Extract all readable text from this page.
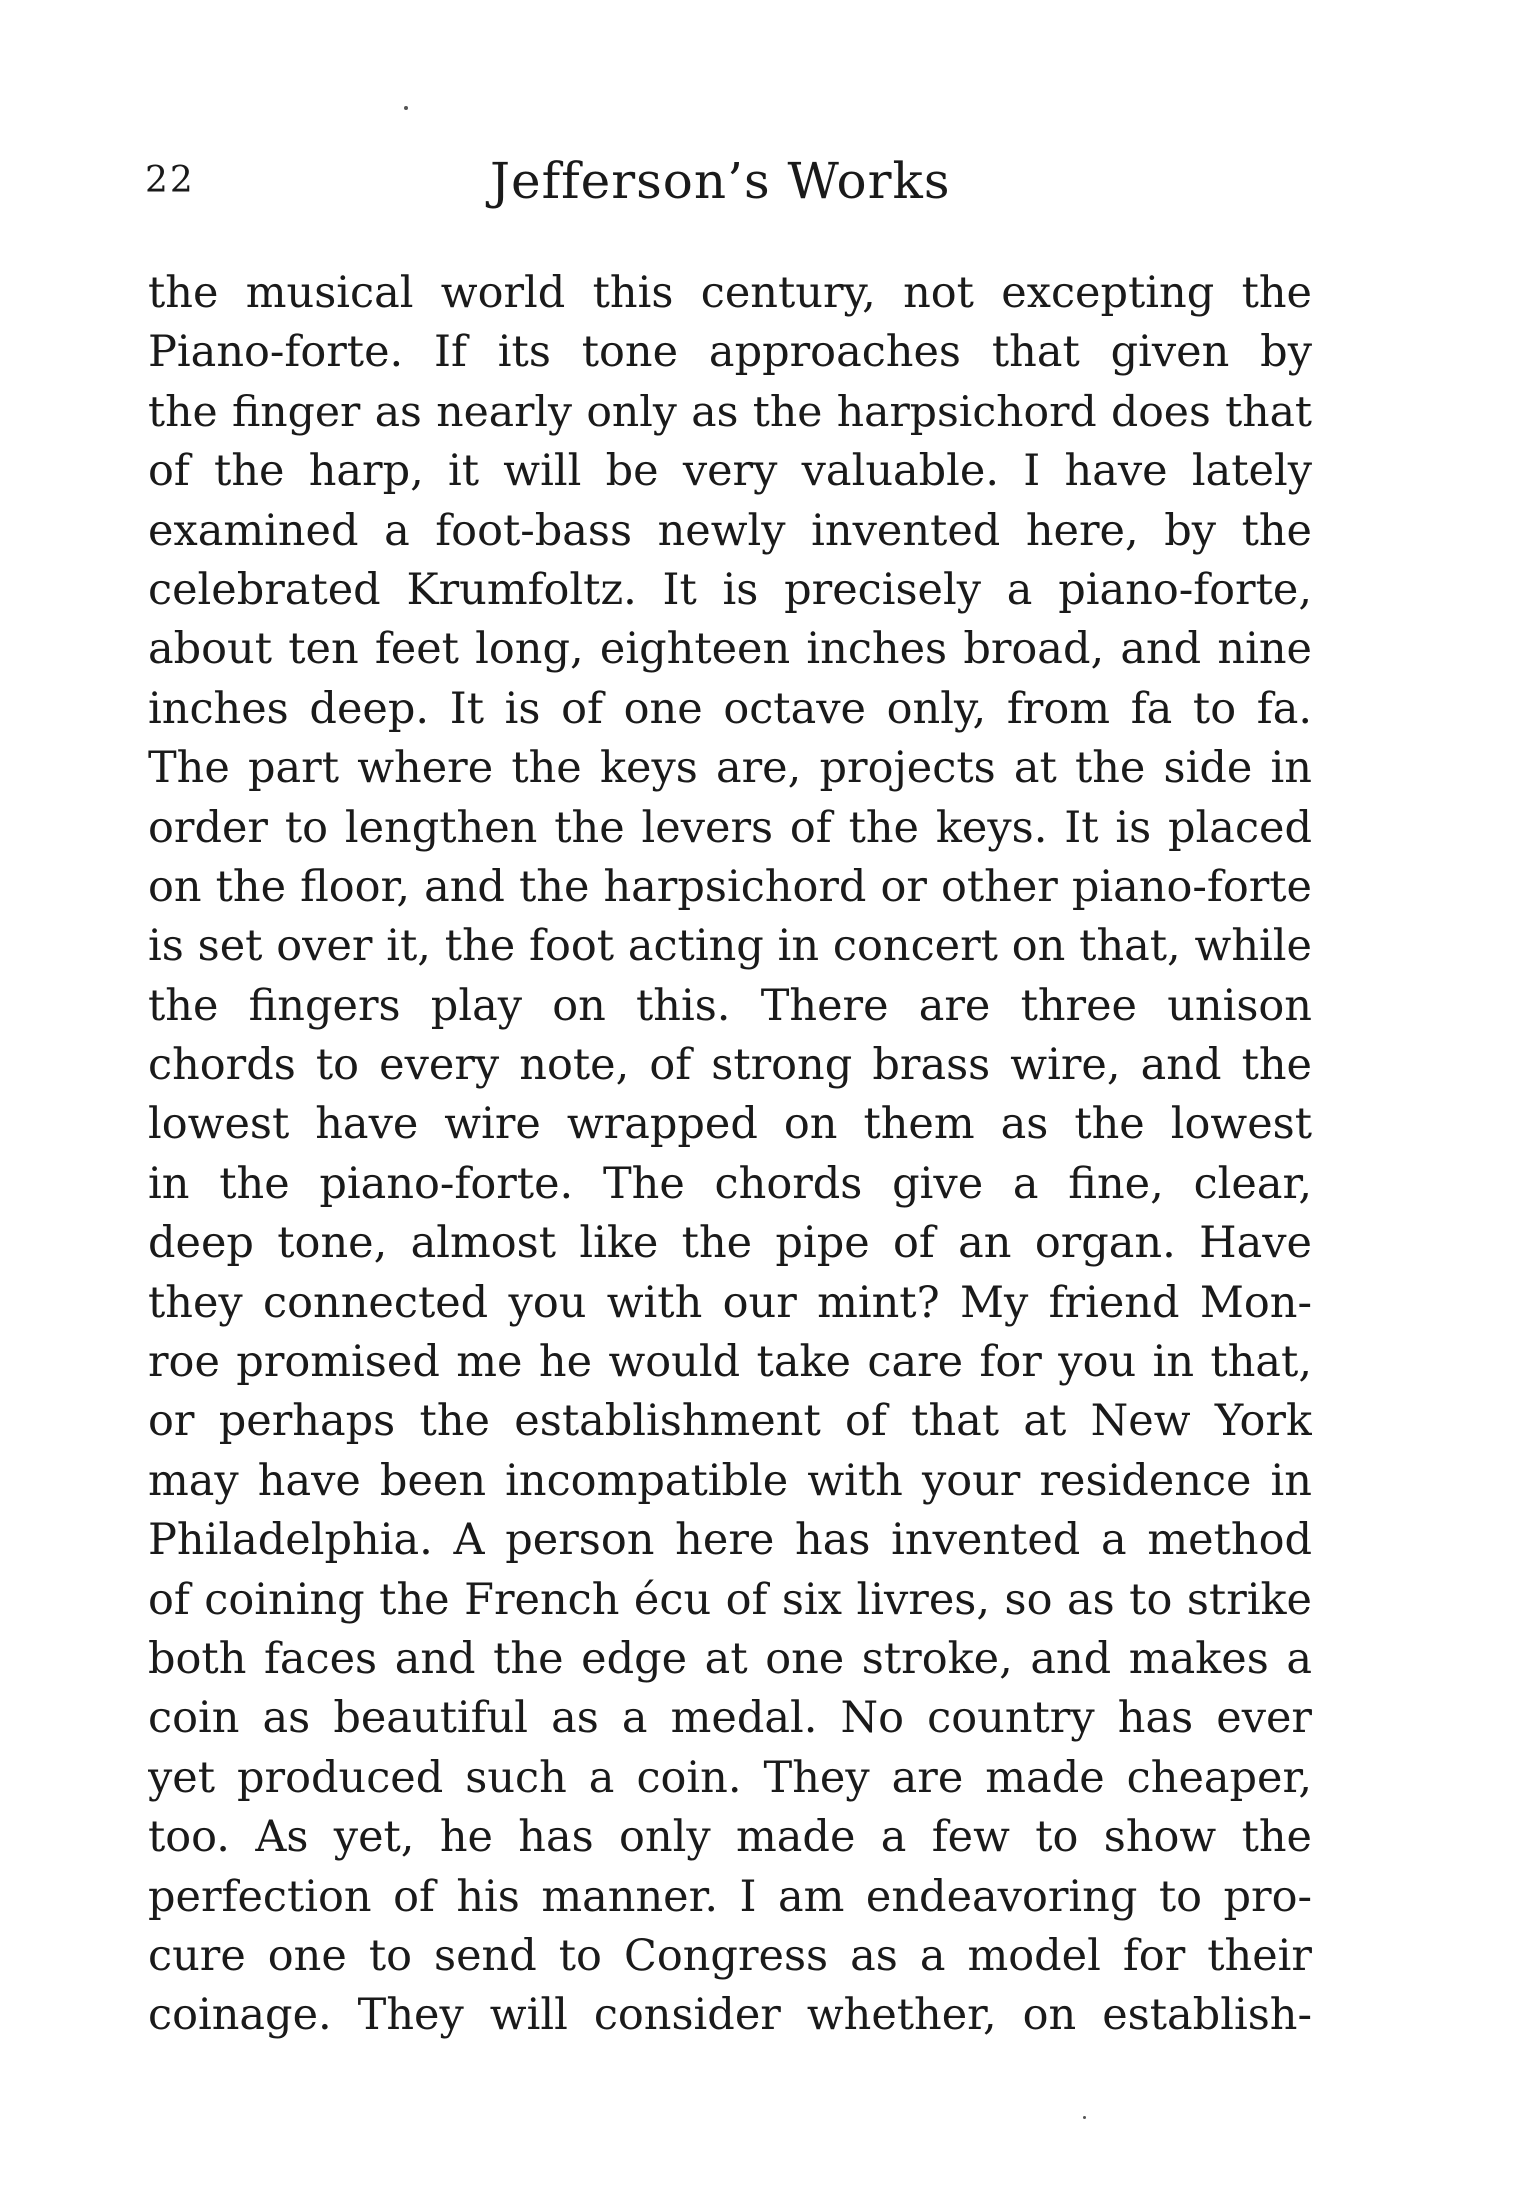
22	Jefferson’s Works
the musical world this century, not excepting the
Piano-forte. If its tone approaches that given by
the finger as nearly only as the harpsichord does that
of the harp, it will be very valuable. I have lately
examined a foot-bass newly invented here, by the
celebrated Krumfoltz. It is precisely a piano-forte,
about ten feet long, eighteen inches broad, and nine
inches deep. It is of one octave only, from fa to fa.
The part where the keys are, projects at the side in
order to lengthen the levers of the keys. It is placed
on the floor, and the harpsichord or other piano-forte
is set over it, the foot acting in concert on that, while
the fingers play on this. There are three unison
chords to every note, of strong brass wire, and the
lowest have wire wrapped on them as the lowest
in the piano-forte. The chords give a fine, clear,
deep tone, almost like the pipe of an organ. Have
they connected you with our mint? My friend Mon-
roe promised me he would take care for you in that,
or perhaps the establishment of that at New York
may have been incompatible with your residence in
Philadelphia. A person here has invented a method
of coining the French écu of six livres, so as to strike
both faces and the edge at one stroke, and makes a
coin as beautiful as a medal. No country has ever
yet produced such a coin. They are made cheaper,
too. As yet, he has only made a few to show the
perfection of his manner. I am endeavoring to pro-
cure one to send to Congress as a model for their
coinage. They will consider whether, on establish-
